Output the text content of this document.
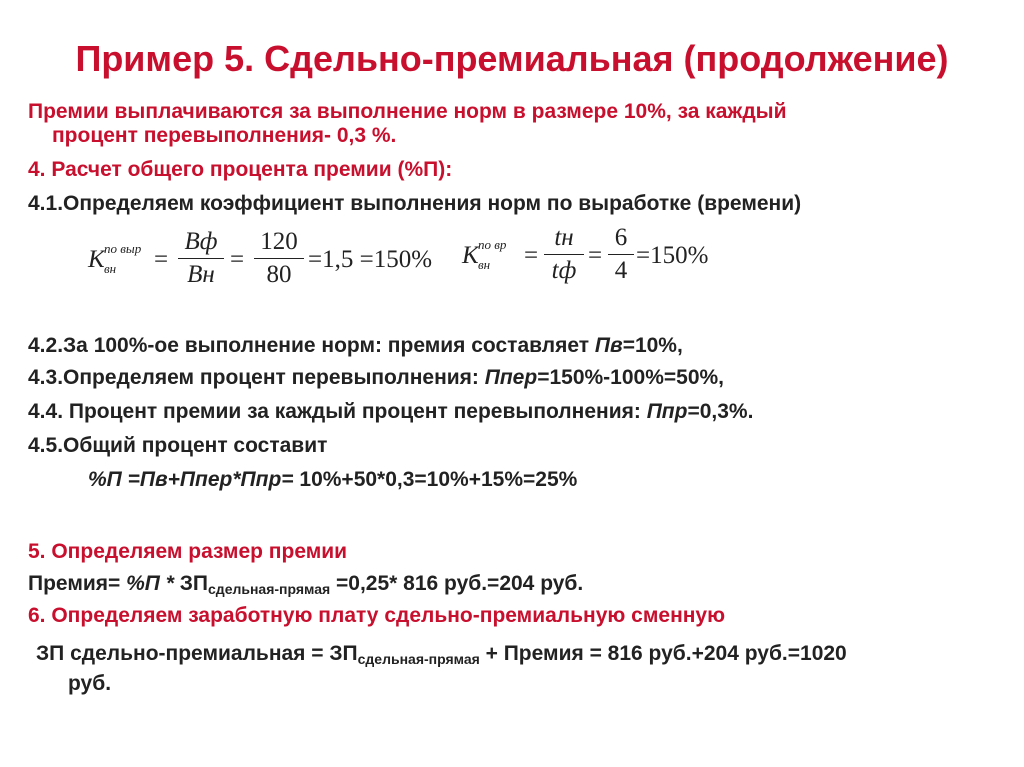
Пример 5. Сдельно-премиальная (продолжение)
Премии выплачиваются за выполнение норм в размере 10%, за каждый
процент перевыполнения- 0,3 %.
4. Расчет общего процента премии (%П):
4.1.Определяем коэффициент выполнения норм по выработке (времени)
K по выр
вн =
Bф
Bн
=
120
80
=1,5 =150% K по вр
вн =
tн
tф
=
6
4
=150%
4.2.За 100%-ое выполнение норм: премия составляет Пв=10%,
4.3.Определяем процент перевыполнения: Ппер=150%-100%=50%,
4.4. Процент премии за каждый процент перевыполнения: Ппр=0,3%.
4.5.Общий процент составит
%П =Пв+Ппер*Ппр= 10%+50*0,3=10%+15%=25%
5. Определяем размер премии
Премия= $\%П * ЗП_{сдельная-прямая} =0,25*$ 816 руб.=204 руб.
6. Определяем заработную плату сдельно-премиальную сменную
ЗП сдельно-премиальная = $ЗП_{сдельная-прямая}$ + Премия = 816 руб.+204 руб.=1020
руб.
